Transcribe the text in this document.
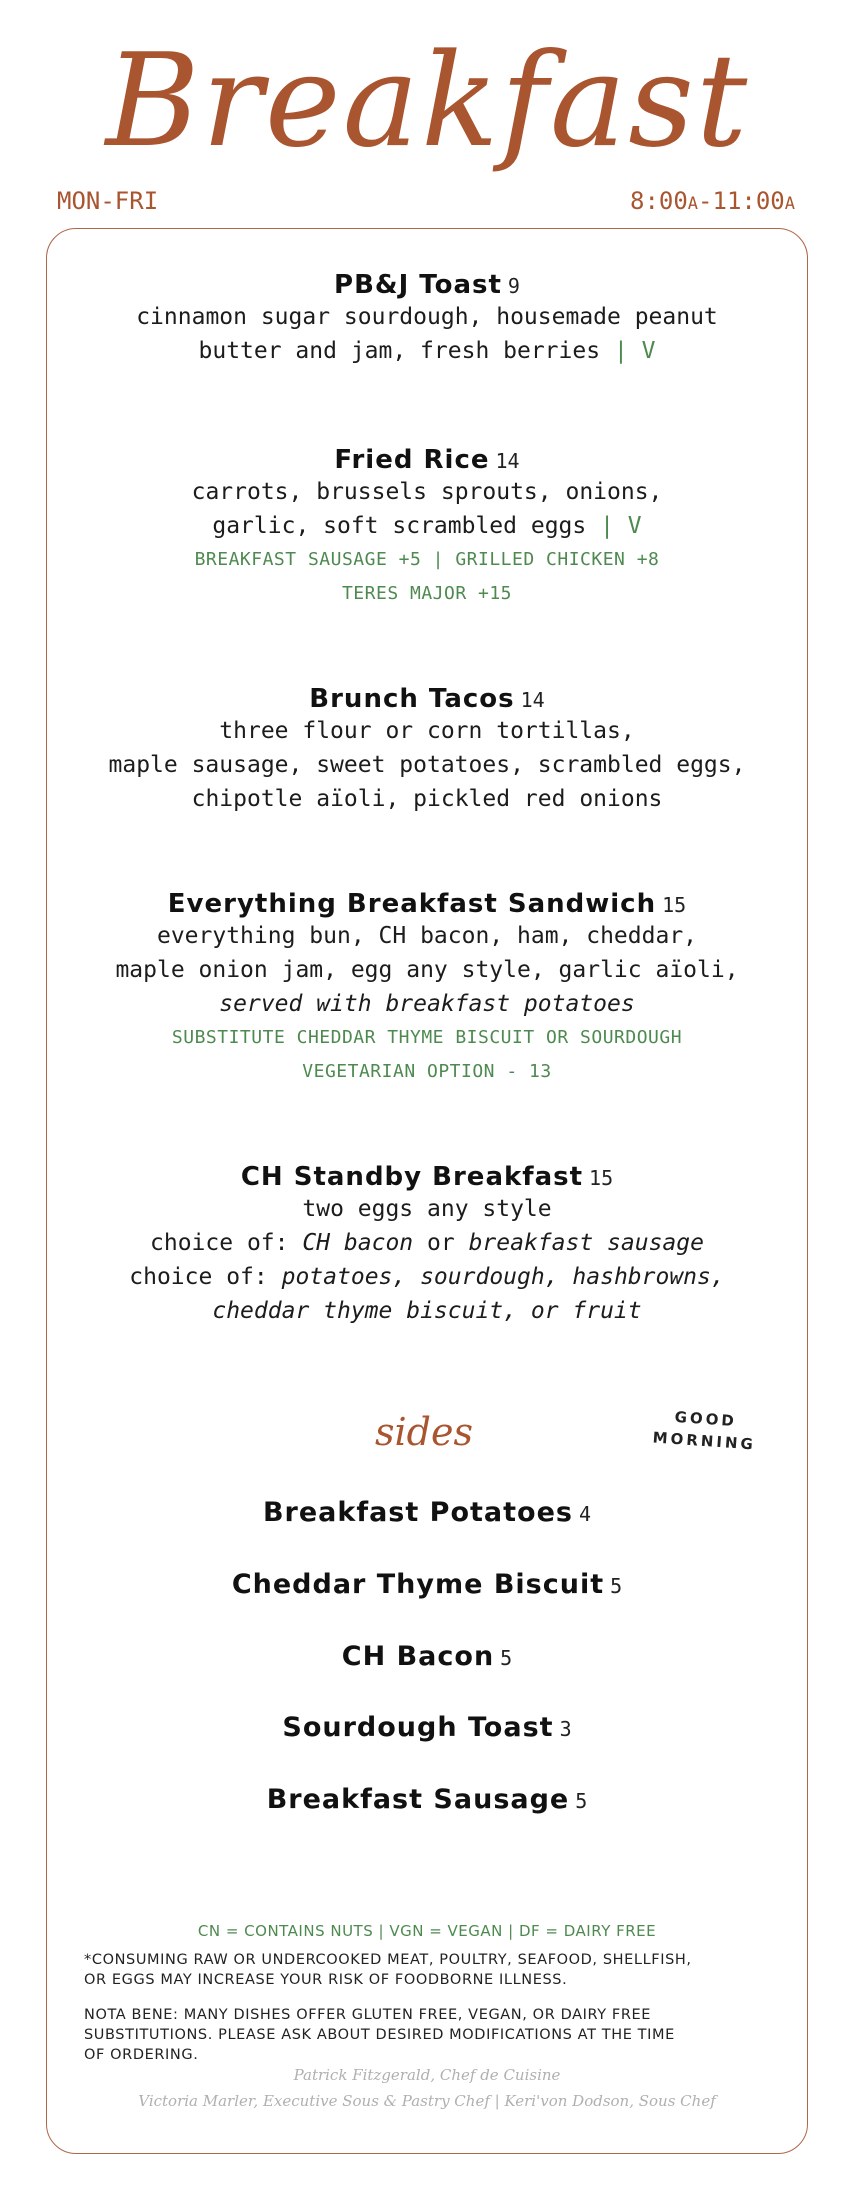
Breakfast
MON-FRI	8:00A-11:00A
PB&J Toast 9
cinnamon sugar sourdough, housemade peanut
butter and jam, fresh berries | V
Fried Rice 14
carrots, brussels sprouts, onions,
garlic, soft scrambled eggs | V
BREAKFAST SAUSAGE +5 | GRILLED CHICKEN +8
TERES MAJOR +15
Brunch Tacos 14
three flour or corn tortillas,
maple sausage, sweet potatoes, scrambled eggs,
chipotle aïoli, pickled red onions
Everything Breakfast Sandwich 15
everything bun, CH bacon, ham, cheddar,
maple onion jam, egg any style, garlic aïoli,
served with breakfast potatoes
SUBSTITUTE CHEDDAR THYME BISCUIT OR SOURDOUGH
VEGETARIAN OPTION - 13
CH Standby Breakfast 15
two eggs any style
choice of: CH bacon or breakfast sausage
choice of: potatoes, sourdough, hashbrowns,
cheddar thyme biscuit, or fruit
sides	GOOD
MORNING
Breakfast Potatoes 4
Cheddar Thyme Biscuit 5
CH Bacon 5
Sourdough Toast 3
Breakfast Sausage 5
CN = CONTAINS NUTS | VGN = VEGAN | DF = DAIRY FREE
*CONSUMING RAW OR UNDERCOOKED MEAT, POULTRY, SEAFOOD, SHELLFISH,
OR EGGS MAY INCREASE YOUR RISK OF FOODBORNE ILLNESS.
NOTA BENE: MANY DISHES OFFER GLUTEN FREE, VEGAN, OR DAIRY FREE
SUBSTITUTIONS. PLEASE ASK ABOUT DESIRED MODIFICATIONS AT THE TIME
OF ORDERING.
Patrick Fitzgerald, Chef de Cuisine
Victoria Marler, Executive Sous & Pastry Chef | Keri'von Dodson, Sous Chef
